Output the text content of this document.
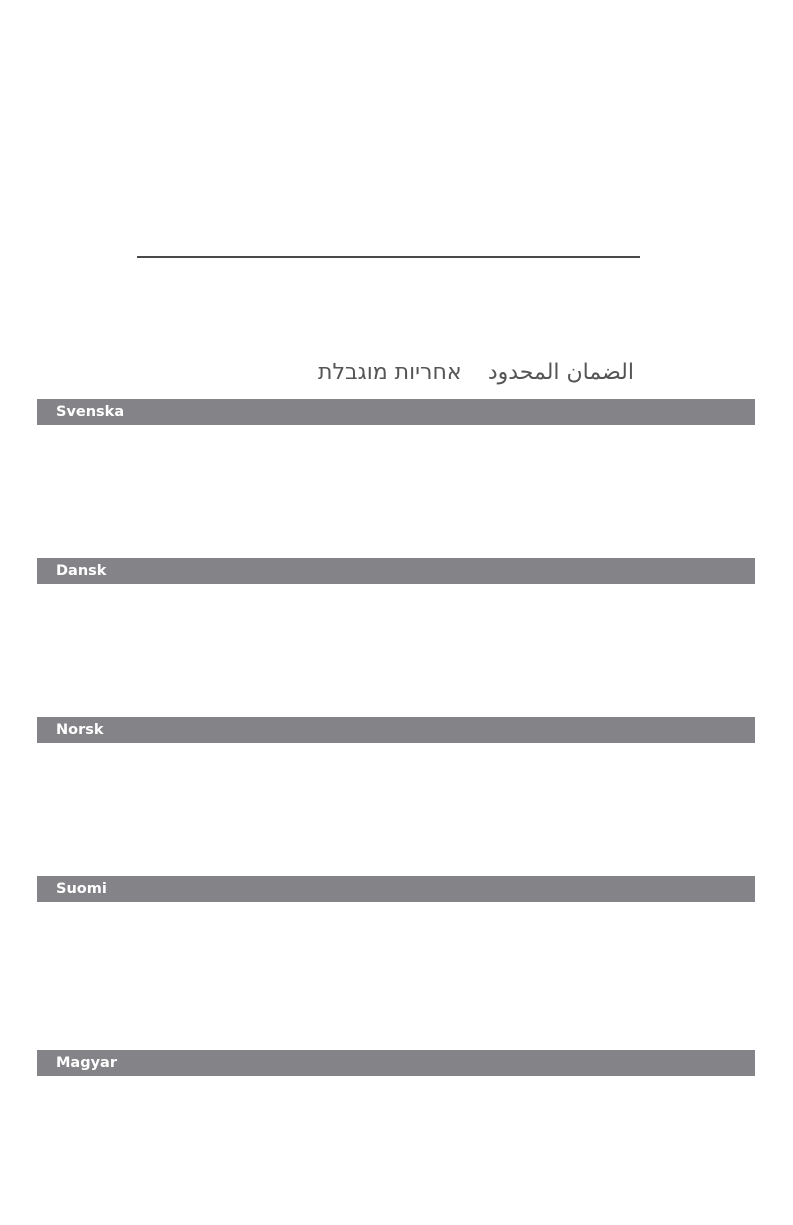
אחריות מוגבלת الضمان المحدود
Svenska
Dansk
Norsk
Suomi
Magyar
